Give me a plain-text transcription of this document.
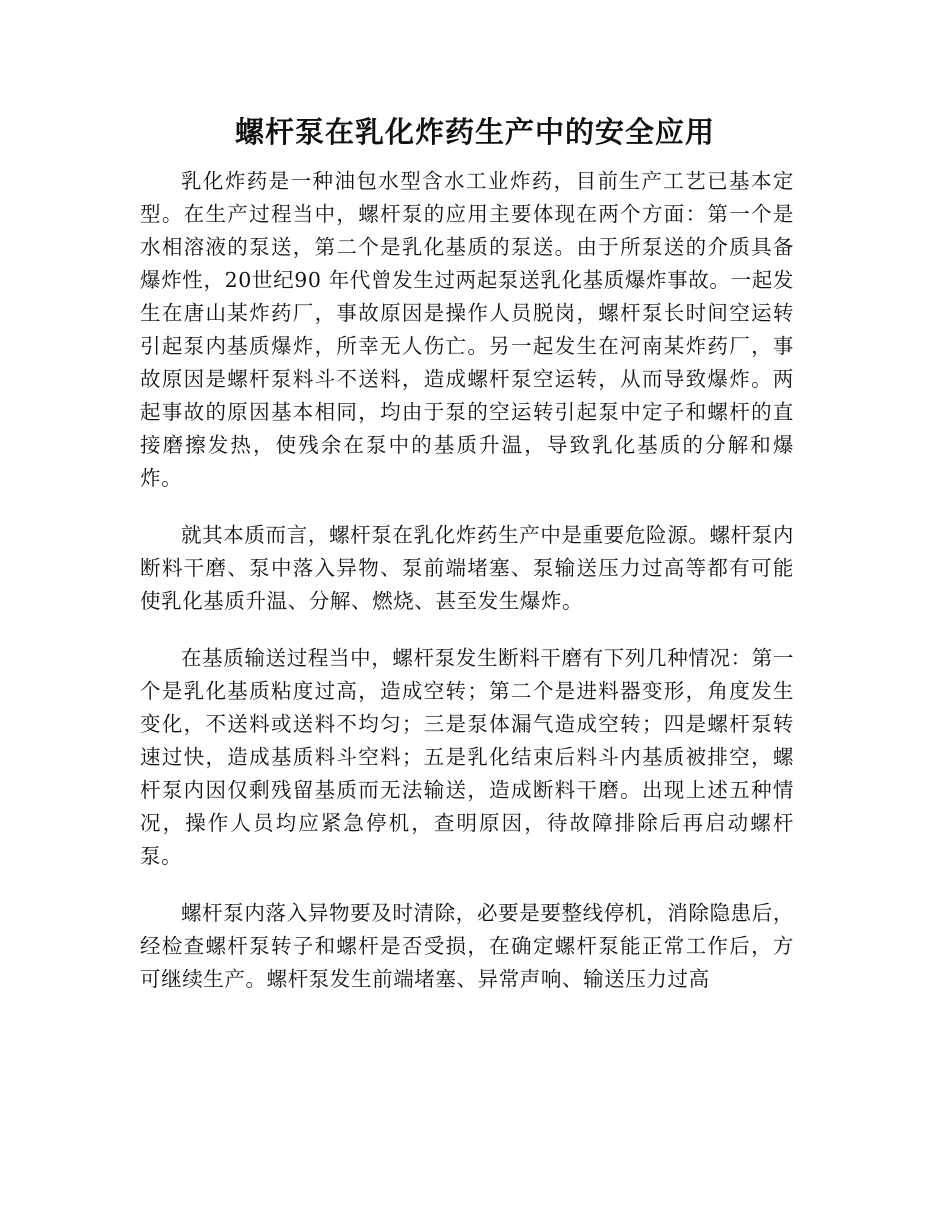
螺杆泵在乳化炸药生产中的安全应用

乳化炸药是一种油包水型含水工业炸药，目前生产工艺已基本定型。在生产过程当中，螺杆泵的应用主要体现在两个方面：第一个是水相溶液的泵送，第二个是乳化基质的泵送。由于所泵送的介质具备爆炸性，20世纪90 年代曾发生过两起泵送乳化基质爆炸事故。一起发生在唐山某炸药厂，事故原因是操作人员脱岗，螺杆泵长时间空运转引起泵内基质爆炸，所幸无人伤亡。另一起发生在河南某炸药厂，事故原因是螺杆泵料斗不送料，造成螺杆泵空运转，从而导致爆炸。两起事故的原因基本相同，均由于泵的空运转引起泵中定子和螺杆的直接磨擦发热，使残余在泵中的基质升温，导致乳化基质的分解和爆炸。

就其本质而言，螺杆泵在乳化炸药生产中是重要危险源。螺杆泵内断料干磨、泵中落入异物、泵前端堵塞、泵输送压力过高等都有可能使乳化基质升温、分解、燃烧、甚至发生爆炸。

在基质输送过程当中，螺杆泵发生断料干磨有下列几种情况：第一个是乳化基质粘度过高，造成空转；第二个是进料器变形，角度发生变化，不送料或送料不均匀；三是泵体漏气造成空转；四是螺杆泵转速过快，造成基质料斗空料；五是乳化结束后料斗内基质被排空，螺杆泵内因仅剩残留基质而无法输送，造成断料干磨。出现上述五种情况，操作人员均应紧急停机，查明原因，待故障排除后再启动螺杆泵。

螺杆泵内落入异物要及时清除，必要是要整线停机，消除隐患后，经检查螺杆泵转子和螺杆是否受损，在确定螺杆泵能正常工作后，方可继续生产。螺杆泵发生前端堵塞、异常声响、输送压力过高
